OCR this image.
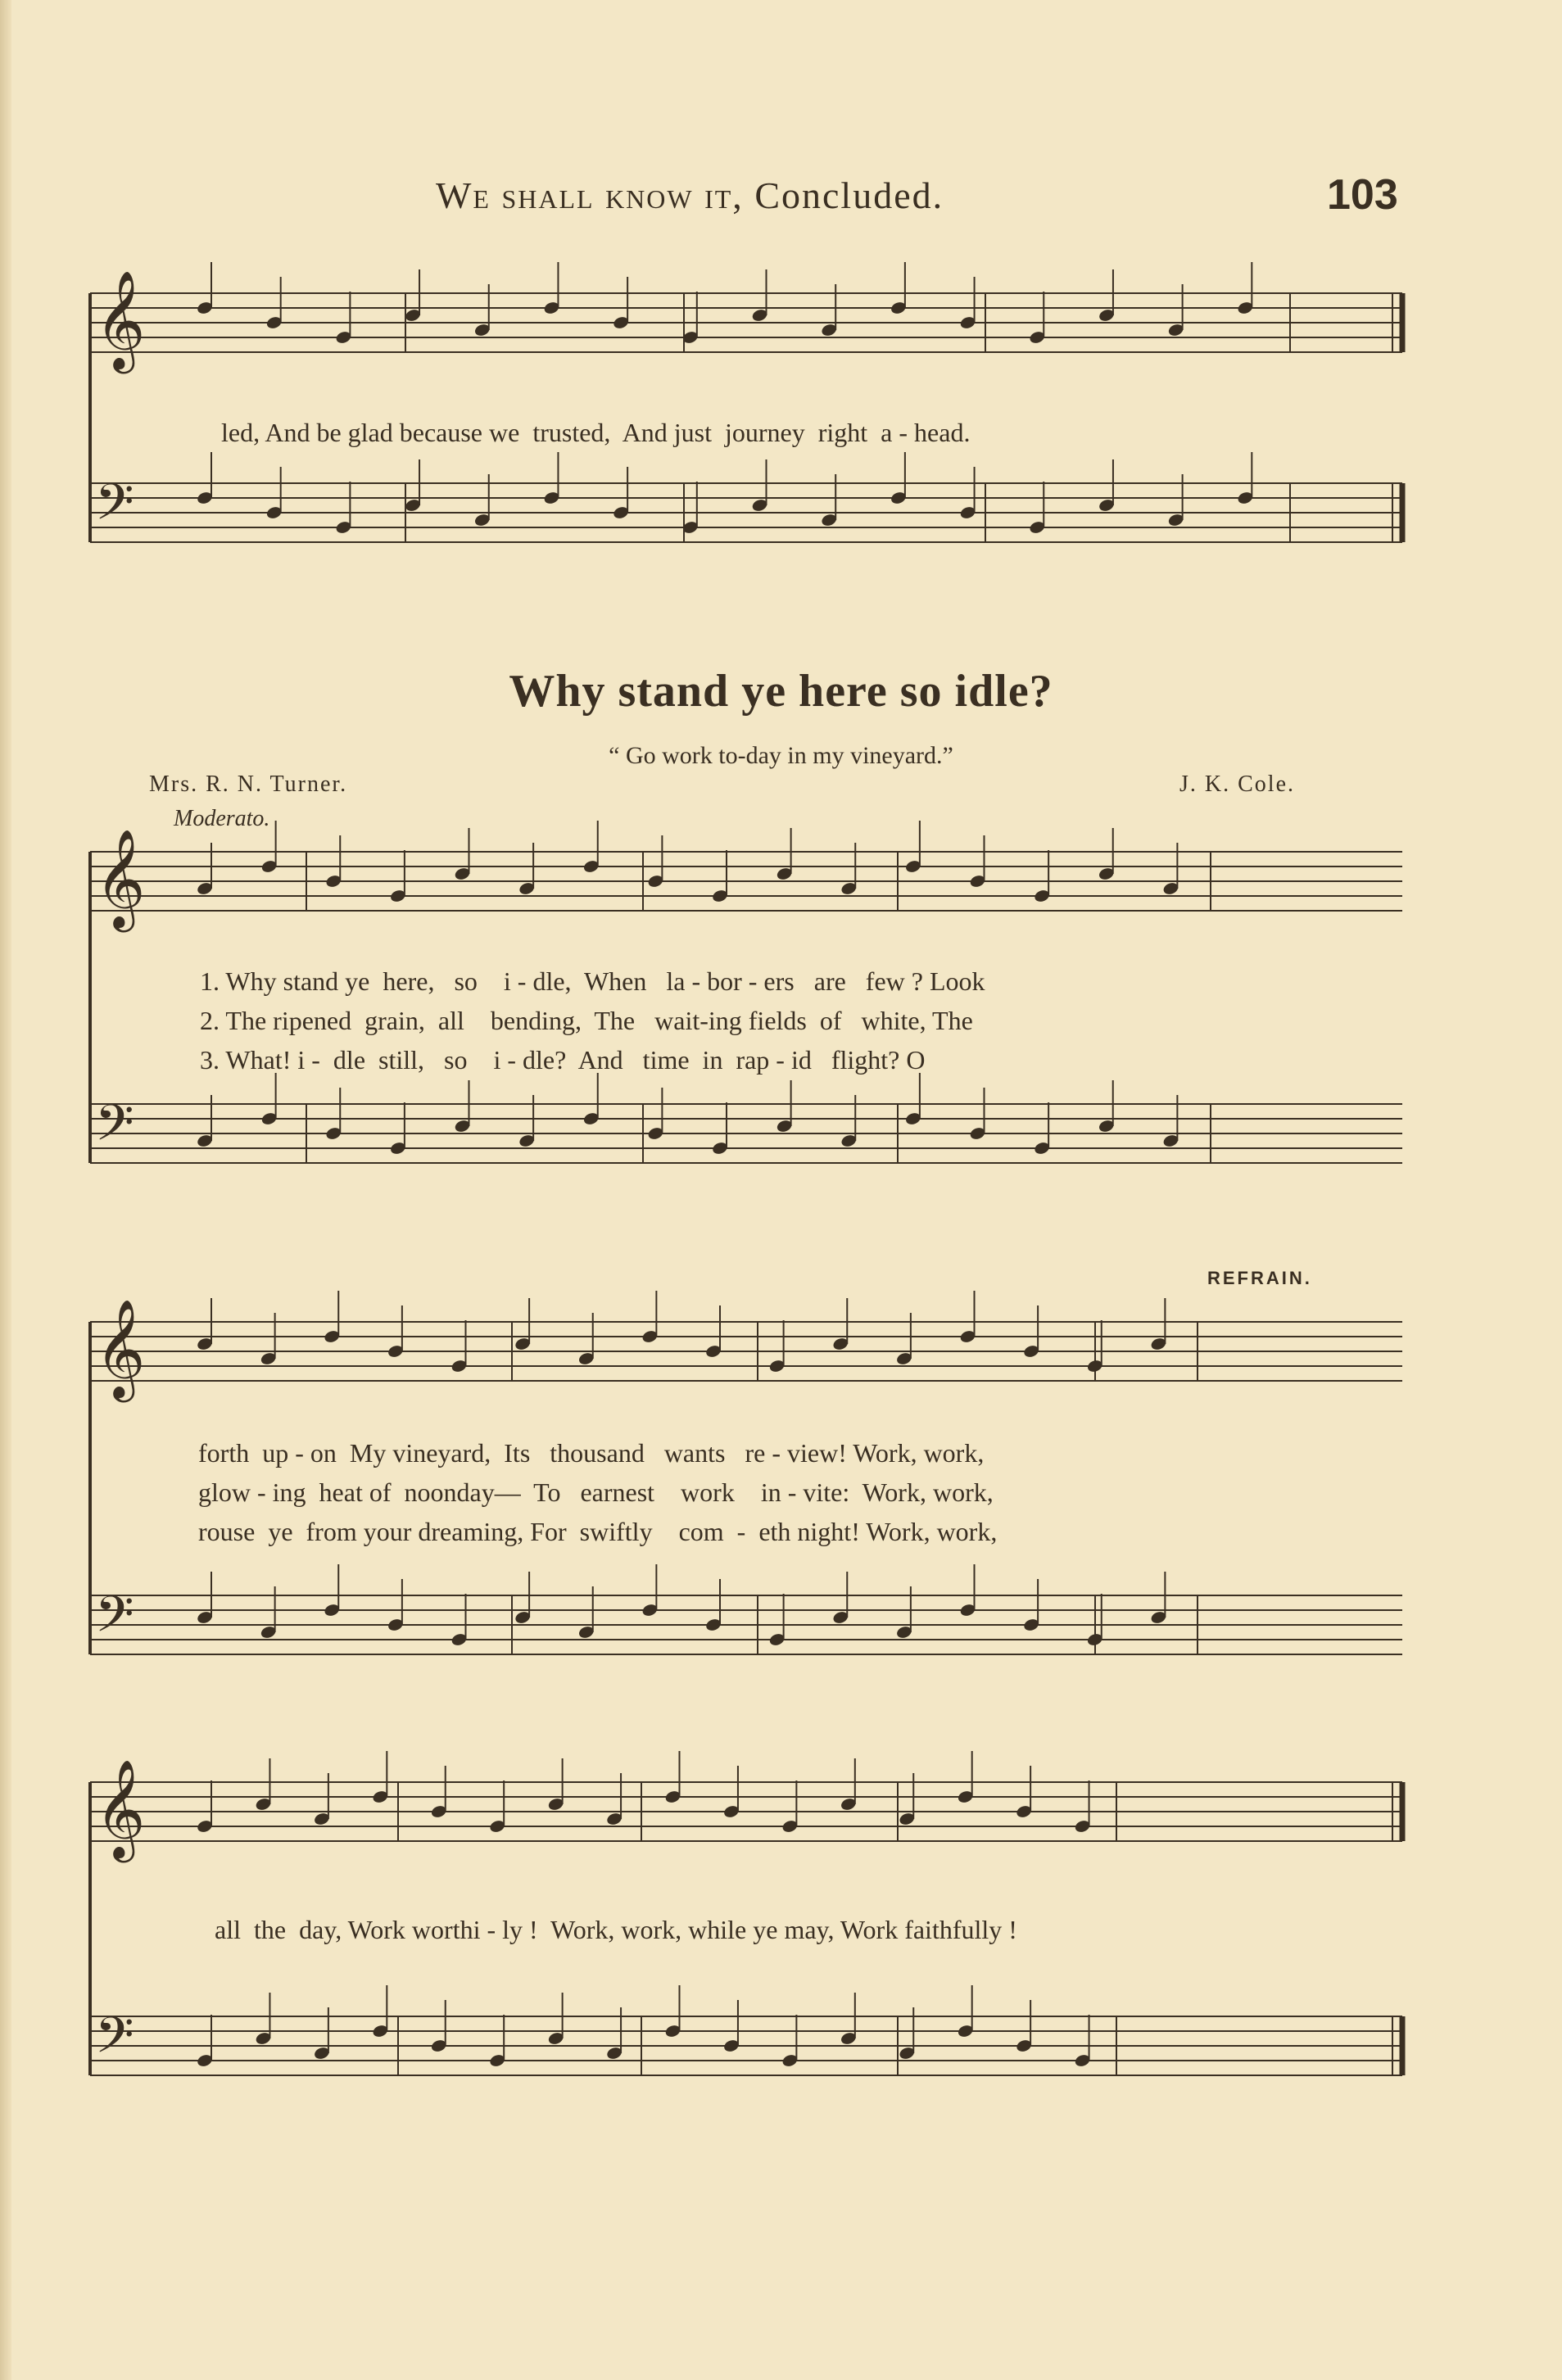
We shall know it, Concluded.	103
𝄞
𝄢
𝄞
𝄢
𝄞
𝄢
𝄞
𝄢
led, And be glad because we  trusted,  And just  journey  right  a - head.
Why stand ye here so idle?
“ Go work to-day in my vineyard.”
Mrs. R. N. Turner.	J. K. Cole.
Moderato.
1. Why stand ye  here,   so    i - dle,  When   la - bor - ers   are   few ? Look
2. The ripened  grain,  all    bending,  The   wait-ing fields  of   white, The
3. What! i -  dle  still,   so    i - dle?  And   time  in  rap - id   flight? O
REFRAIN.
forth  up - on  My vineyard,  Its   thousand   wants   re - view! Work, work,
glow - ing  heat of  noonday—  To   earnest    work    in - vite:  Work, work,
rouse  ye  from your dreaming, For  swiftly    com  -  eth night! Work, work,
all  the  day, Work worthi - ly !  Work, work, while ye may, Work faithfully !
